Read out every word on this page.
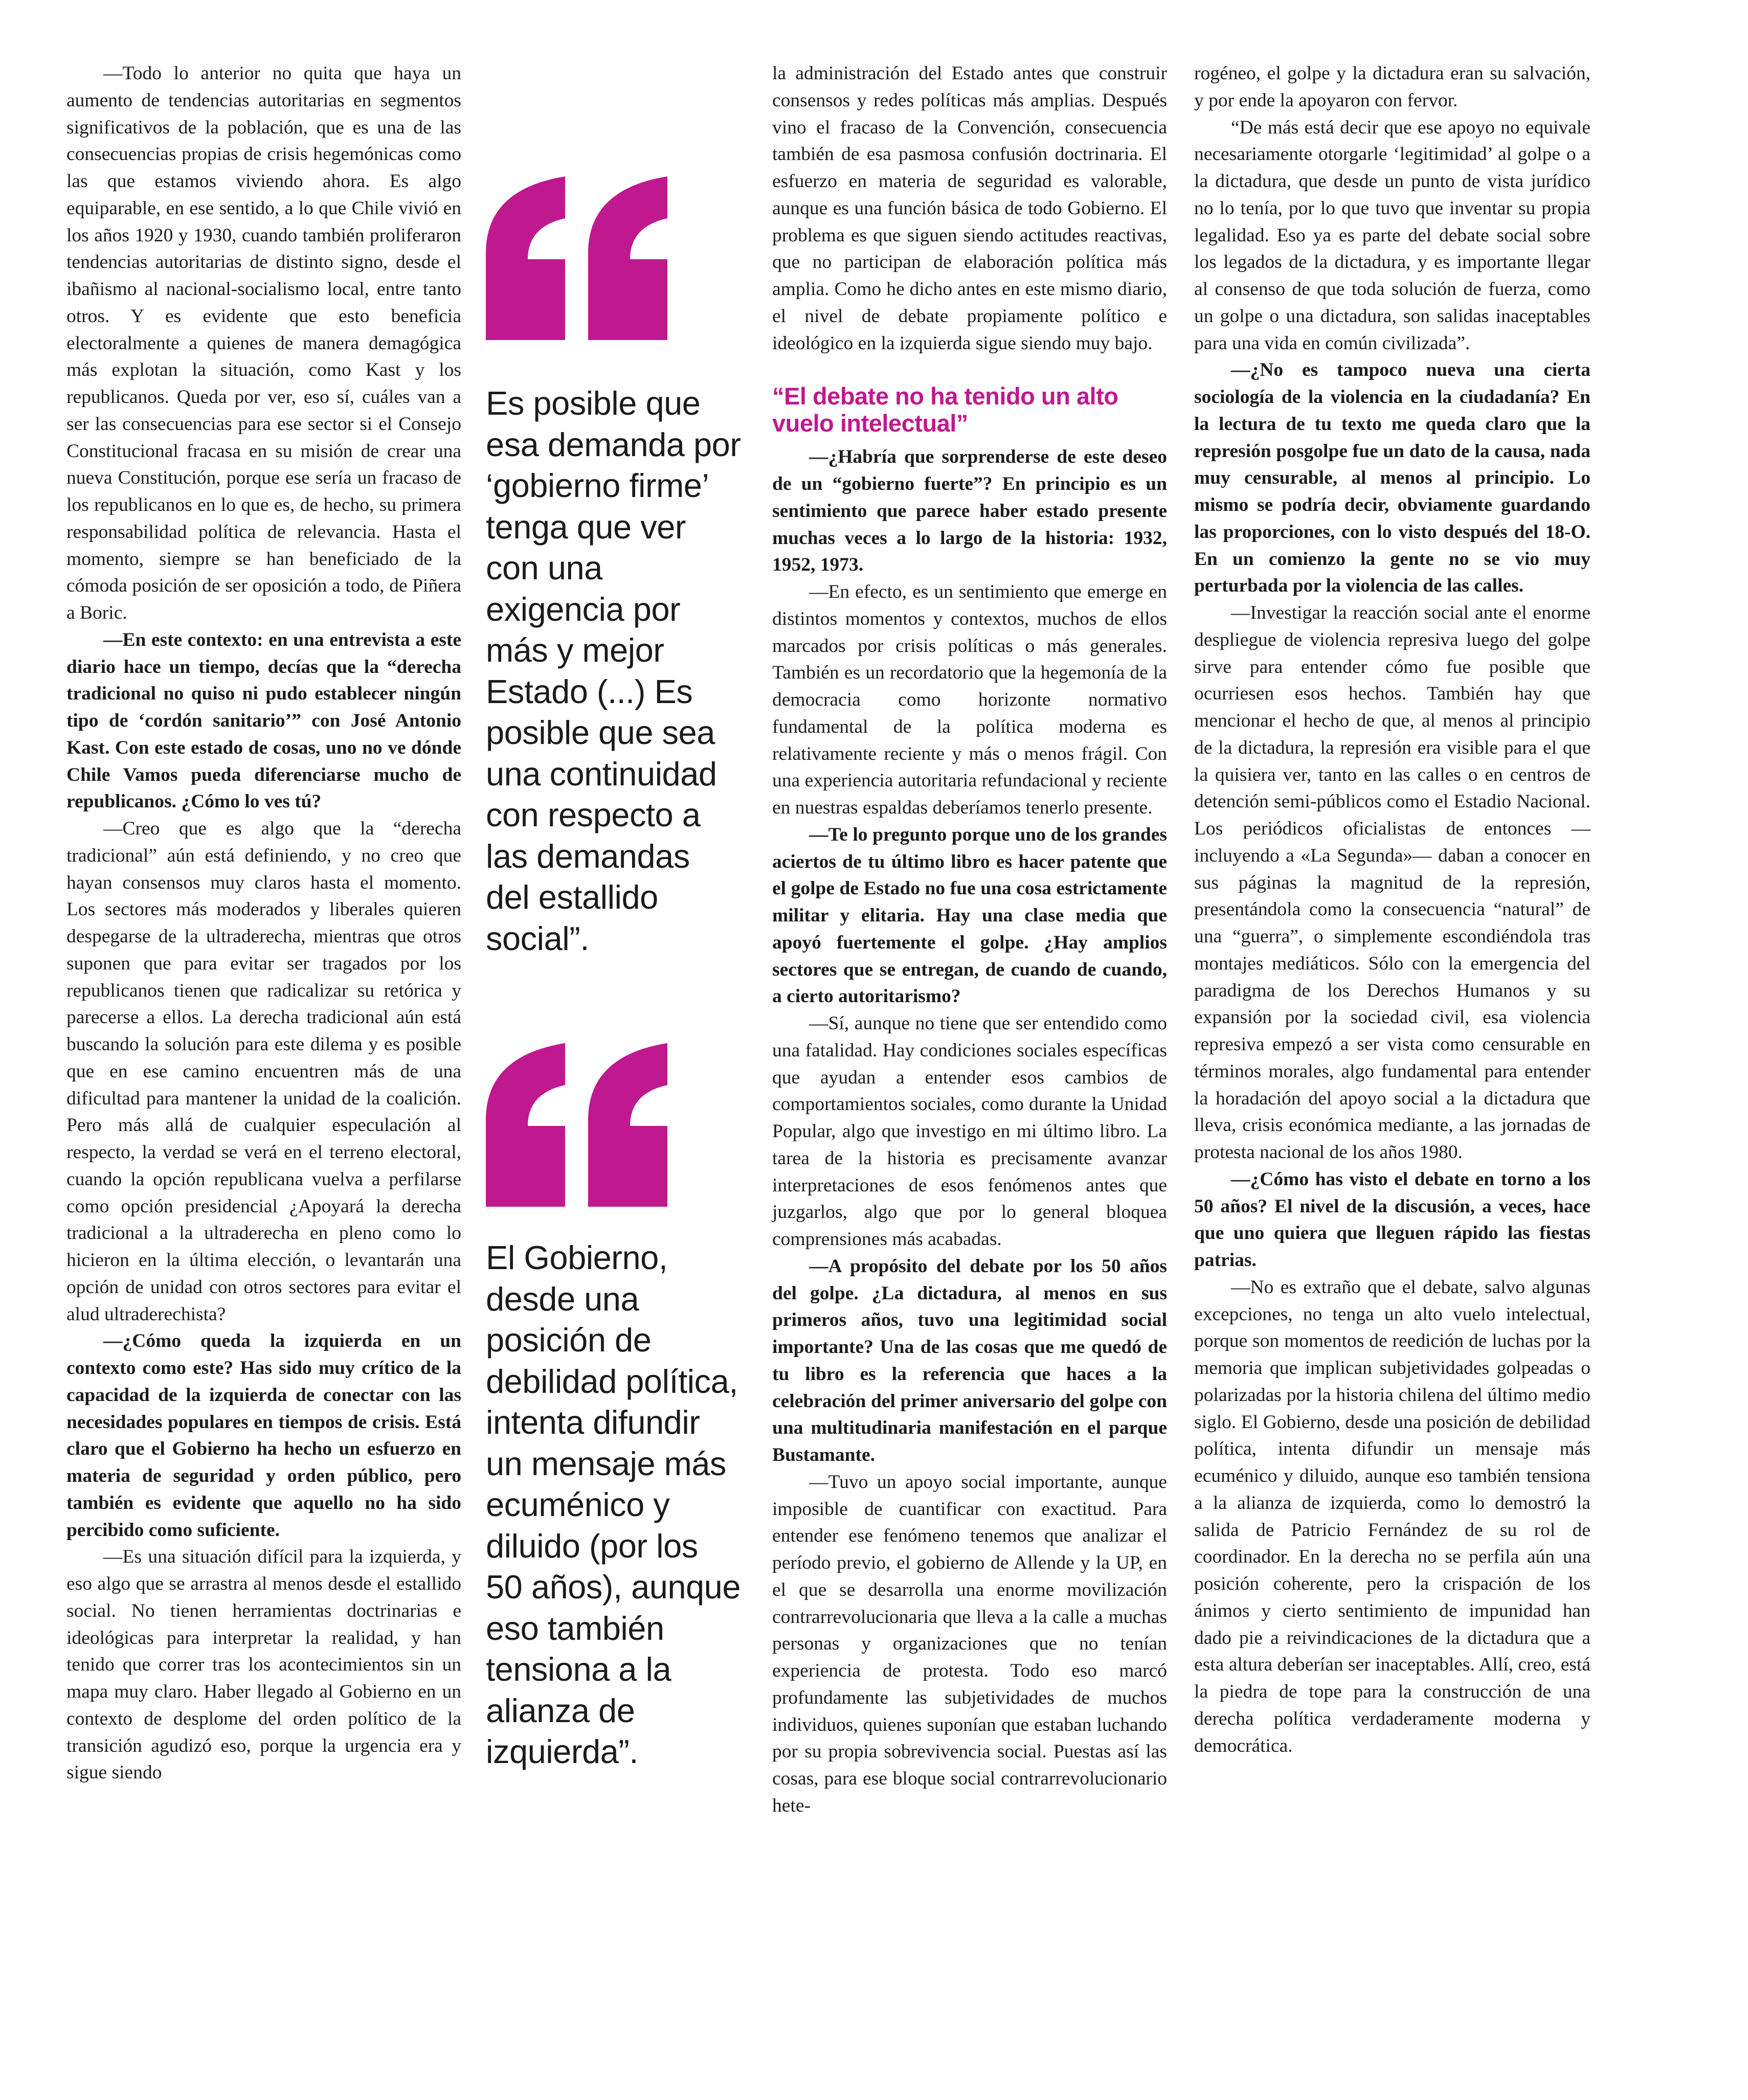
—Todo lo anterior no quita que haya un aumento de tendencias autoritarias en segmentos significativos de la población, que es una de las consecuencias propias de crisis hegemónicas como las que estamos viviendo ahora. Es algo equiparable, en ese sentido, a lo que Chile vivió en los años 1920 y 1930, cuando también proliferaron tendencias autoritarias de distinto signo, desde el ibañismo al nacional-socialismo local, entre tanto otros. Y es evidente que esto beneficia electoralmente a quienes de manera demagógica más explotan la situación, como Kast y los republicanos. Queda por ver, eso sí, cuáles van a ser las consecuencias para ese sector si el Consejo Constitucional fracasa en su misión de crear una nueva Constitución, porque ese sería un fracaso de los republicanos en lo que es, de hecho, su primera responsabilidad política de relevancia. Hasta el momento, siempre se han beneficiado de la cómoda posición de ser oposición a todo, de Piñera a Boric.

—En este contexto: en una entrevista a este diario hace un tiempo, decías que la “derecha tradicional no quiso ni pudo establecer ningún tipo de ‘cordón sanitario’” con José Antonio Kast. Con este estado de cosas, uno no ve dónde Chile Vamos pueda diferenciarse mucho de republicanos. ¿Cómo lo ves tú?

—Creo que es algo que la “derecha tradicional” aún está definiendo, y no creo que hayan consensos muy claros hasta el momento. Los sectores más moderados y liberales quieren despegarse de la ultraderecha, mientras que otros suponen que para evitar ser tragados por los republicanos tienen que radicalizar su retórica y parecerse a ellos. La derecha tradicional aún está buscando la solución para este dilema y es posible que en ese camino encuentren más de una dificultad para mantener la unidad de la coalición. Pero más allá de cualquier especulación al respecto, la verdad se verá en el terreno electoral, cuando la opción republicana vuelva a perfilarse como opción presidencial ¿Apoyará la derecha tradicional a la ultraderecha en pleno como lo hicieron en la última elección, o levantarán una opción de unidad con otros sectores para evitar el alud ultraderechista?

—¿Cómo queda la izquierda en un contexto como este? Has sido muy crítico de la capacidad de la izquierda de conectar con las necesidades populares en tiempos de crisis. Está claro que el Gobierno ha hecho un esfuerzo en materia de seguridad y orden público, pero también es evidente que aquello no ha sido percibido como suficiente.

—Es una situación difícil para la izquierda, y eso algo que se arrastra al menos desde el estallido social. No tienen herramientas doctrinarias e ideológicas para interpretar la realidad, y han tenido que correr tras los acontecimientos sin un mapa muy claro. Haber llegado al Gobierno en un contexto de desplome del orden político de la transición agudizó eso, porque la urgencia era y sigue siendo

Es posible que esa demanda por ‘gobierno firme’ tenga que ver con una exigencia por más y mejor Estado (...) Es posible que sea una continuidad con respecto a las demandas del estallido social”.

El Gobierno, desde una posición de debilidad política, intenta difundir un mensaje más ecuménico y diluido (por los 50 años), aunque eso también tensiona a la alianza de izquierda”.

la administración del Estado antes que construir consensos y redes políticas más amplias. Después vino el fracaso de la Convención, consecuencia también de esa pasmosa confusión doctrinaria. El esfuerzo en materia de seguridad es valorable, aunque es una función básica de todo Gobierno. El problema es que siguen siendo actitudes reactivas, que no participan de elaboración política más amplia. Como he dicho antes en este mismo diario, el nivel de debate propiamente político e ideológico en la izquierda sigue siendo muy bajo.

“El debate no ha tenido un alto vuelo intelectual”

—¿Habría que sorprenderse de este deseo de un “gobierno fuerte”? En principio es un sentimiento que parece haber estado presente muchas veces a lo largo de la historia: 1932, 1952, 1973.

—En efecto, es un sentimiento que emerge en distintos momentos y contextos, muchos de ellos marcados por crisis políticas o más generales. También es un recordatorio que la hegemonía de la democracia como horizonte normativo fundamental de la política moderna es relativamente reciente y más o menos frágil. Con una experiencia autoritaria refundacional y reciente en nuestras espaldas deberíamos tenerlo presente.

—Te lo pregunto porque uno de los grandes aciertos de tu último libro es hacer patente que el golpe de Estado no fue una cosa estrictamente militar y elitaria. Hay una clase media que apoyó fuertemente el golpe. ¿Hay amplios sectores que se entregan, de cuando de cuando, a cierto autoritarismo?

—Sí, aunque no tiene que ser entendido como una fatalidad. Hay condiciones sociales específicas que ayudan a entender esos cambios de comportamientos sociales, como durante la Unidad Popular, algo que investigo en mi último libro. La tarea de la historia es precisamente avanzar interpretaciones de esos fenómenos antes que juzgarlos, algo que por lo general bloquea comprensiones más acabadas.

—A propósito del debate por los 50 años del golpe. ¿La dictadura, al menos en sus primeros años, tuvo una legitimidad social importante? Una de las cosas que me quedó de tu libro es la referencia que haces a la celebración del primer aniversario del golpe con una multitudinaria manifestación en el parque Bustamante.

—Tuvo un apoyo social importante, aunque imposible de cuantificar con exactitud. Para entender ese fenómeno tenemos que analizar el período previo, el gobierno de Allende y la UP, en el que se desarrolla una enorme movilización contrarrevolucionaria que lleva a la calle a muchas personas y organizaciones que no tenían experiencia de protesta. Todo eso marcó profundamente las subjetividades de muchos individuos, quienes suponían que estaban luchando por su propia sobrevivencia social. Puestas así las cosas, para ese bloque social contrarrevolucionario hete-

rogéneo, el golpe y la dictadura eran su salvación, y por ende la apoyaron con fervor.

“De más está decir que ese apoyo no equivale necesariamente otorgarle ‘legitimidad’ al golpe o a la dictadura, que desde un punto de vista jurídico no lo tenía, por lo que tuvo que inventar su propia legalidad. Eso ya es parte del debate social sobre los legados de la dictadura, y es importante llegar al consenso de que toda solución de fuerza, como un golpe o una dictadura, son salidas inaceptables para una vida en común civilizada”.

—¿No es tampoco nueva una cierta sociología de la violencia en la ciudadanía? En la lectura de tu texto me queda claro que la represión posgolpe fue un dato de la causa, nada muy censurable, al menos al principio. Lo mismo se podría decir, obviamente guardando las proporciones, con lo visto después del 18-O. En un comienzo la gente no se vio muy perturbada por la violencia de las calles.

—Investigar la reacción social ante el enorme despliegue de violencia represiva luego del golpe sirve para entender cómo fue posible que ocurriesen esos hechos. También hay que mencionar el hecho de que, al menos al principio de la dictadura, la represión era visible para el que la quisiera ver, tanto en las calles o en centros de detención semi-públicos como el Estadio Nacional. Los periódicos oficialistas de entonces —incluyendo a «La Segunda»— daban a conocer en sus páginas la magnitud de la represión, presentándola como la consecuencia “natural” de una “guerra”, o simplemente escondiéndola tras montajes mediáticos. Sólo con la emergencia del paradigma de los Derechos Humanos y su expansión por la sociedad civil, esa violencia represiva empezó a ser vista como censurable en términos morales, algo fundamental para entender la horadación del apoyo social a la dictadura que lleva, crisis económica mediante, a las jornadas de protesta nacional de los años 1980.

—¿Cómo has visto el debate en torno a los 50 años? El nivel de la discusión, a veces, hace que uno quiera que lleguen rápido las fiestas patrias.

—No es extraño que el debate, salvo algunas excepciones, no tenga un alto vuelo intelectual, porque son momentos de reedición de luchas por la memoria que implican subjetividades golpeadas o polarizadas por la historia chilena del último medio siglo. El Gobierno, desde una posición de debilidad política, intenta difundir un mensaje más ecuménico y diluido, aunque eso también tensiona a la alianza de izquierda, como lo demostró la salida de Patricio Fernández de su rol de coordinador. En la derecha no se perfila aún una posición coherente, pero la crispación de los ánimos y cierto sentimiento de impunidad han dado pie a reivindicaciones de la dictadura que a esta altura deberían ser inaceptables. Allí, creo, está la piedra de tope para la construcción de una derecha política verdaderamente moderna y democrática.
